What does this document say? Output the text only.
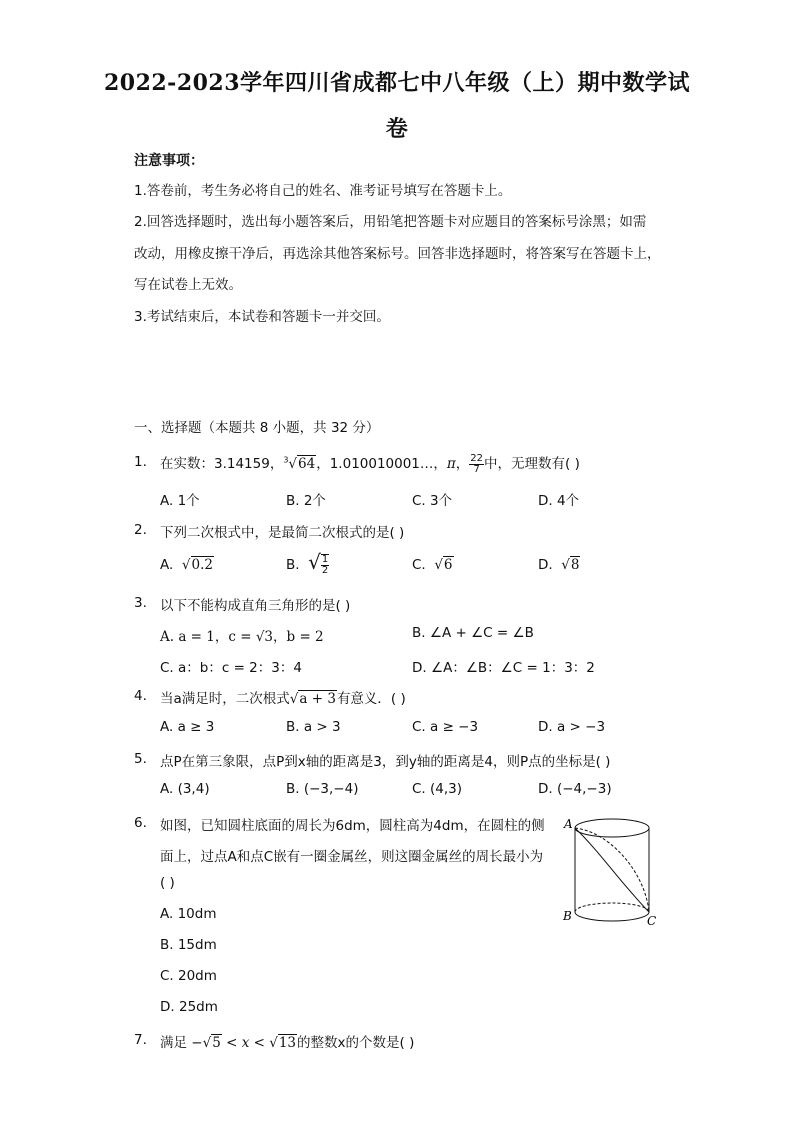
2022-2023学年四川省成都七中八年级（上）期中数学试
卷
注意事项：
1.答卷前，考生务必将自己的姓名、准考证号填写在答题卡上。
2.回答选择题时，选出每小题答案后，用铅笔把答题卡对应题目的答案标号涂黑；如需
改动，用橡皮擦干净后，再选涂其他答案标号。回答非选择题时，将答案写在答题卡上，
写在试卷上无效。
3.考试结束后，本试卷和答题卡一并交回。
一、选择题（本题共 8 小题，共 32 分）
1. 在实数：3.14159，$^3$√64，1.010010001…，π， $\frac{22}{7}$ 中，无理数有( )
A. 1个	B. 2个	C. 3个	D. 4个
2. 下列二次根式中，是最简二次根式的是( )
A. √0.2	B. √ $\frac{1}{2}$	C. √6	D. √8
3. 以下不能构成直角三角形的是( )
A. a = 1，c = √3，b = 2	B. ∠A + ∠C = ∠B
C. a：b：c = 2：3：4	D. ∠A：∠B：∠C = 1：3：2
4. 当a满足时，二次根式√a + 3有意义．( )
A. a ≥ 3	B. a > 3	C. a ≥ −3	D. a > −3
5. 点P在第三象限，点P到x轴的距离是3，到y轴的距离是4，则P点的坐标是( )
A. (3,4)	B. (−3,−4)	C. (4,3)	D. (−4,−3)
6. 如图，已知圆柱底面的周长为6dm，圆柱高为4dm，在圆柱的侧
面上，过点A和点C嵌有一圈金属丝，则这圈金属丝的周长最小为
( )
A. 10dm
B. 15dm
C. 20dm
D. 25dm
A
B	C
7. 满足 −√5 < x < √13的整数x的个数是( )
